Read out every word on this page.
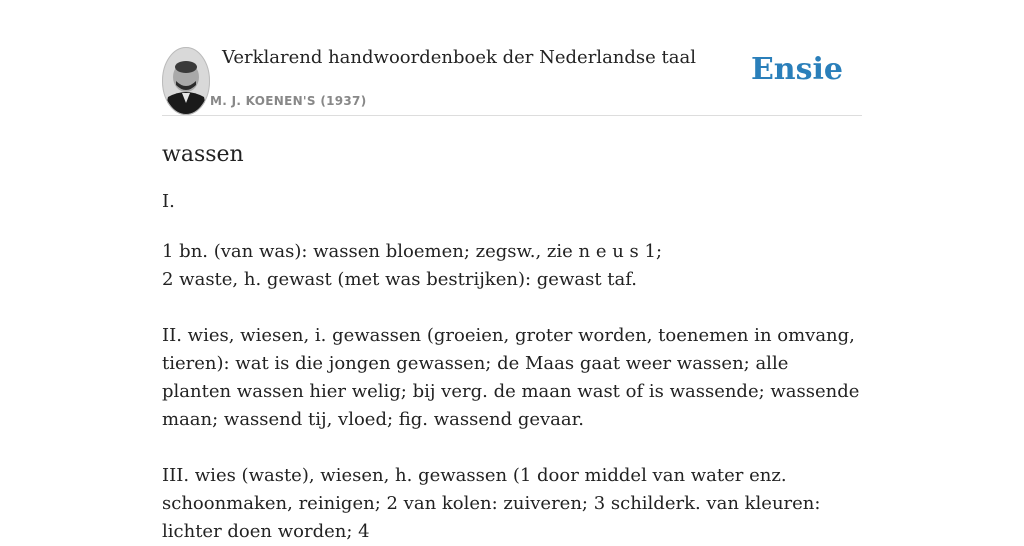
Verklarend handwoordenboek der Nederlandse taal
M. J. KOENEN'S (1937)
Ensie
wassen

I.

1 bn. (van was): wassen bloemen; zegsw., zie n e u s 1;
2 waste, h. gewast (met was bestrijken): gewast taf.

II. wies, wiesen, i. gewassen (groeien, groter worden, toenemen in omvang, tieren): wat is die jongen gewassen; de Maas gaat weer wassen; alle planten wassen hier welig; bij verg. de maan wast of is wassende; wassende maan; wassend tij, vloed; fig. wassend gevaar.

III. wies (waste), wiesen, h. gewassen (1 door middel van water enz. schoonmaken, reinigen; 2 van kolen: zuiveren; 3 schilderk. van kleuren: lichter doen worden; 4
